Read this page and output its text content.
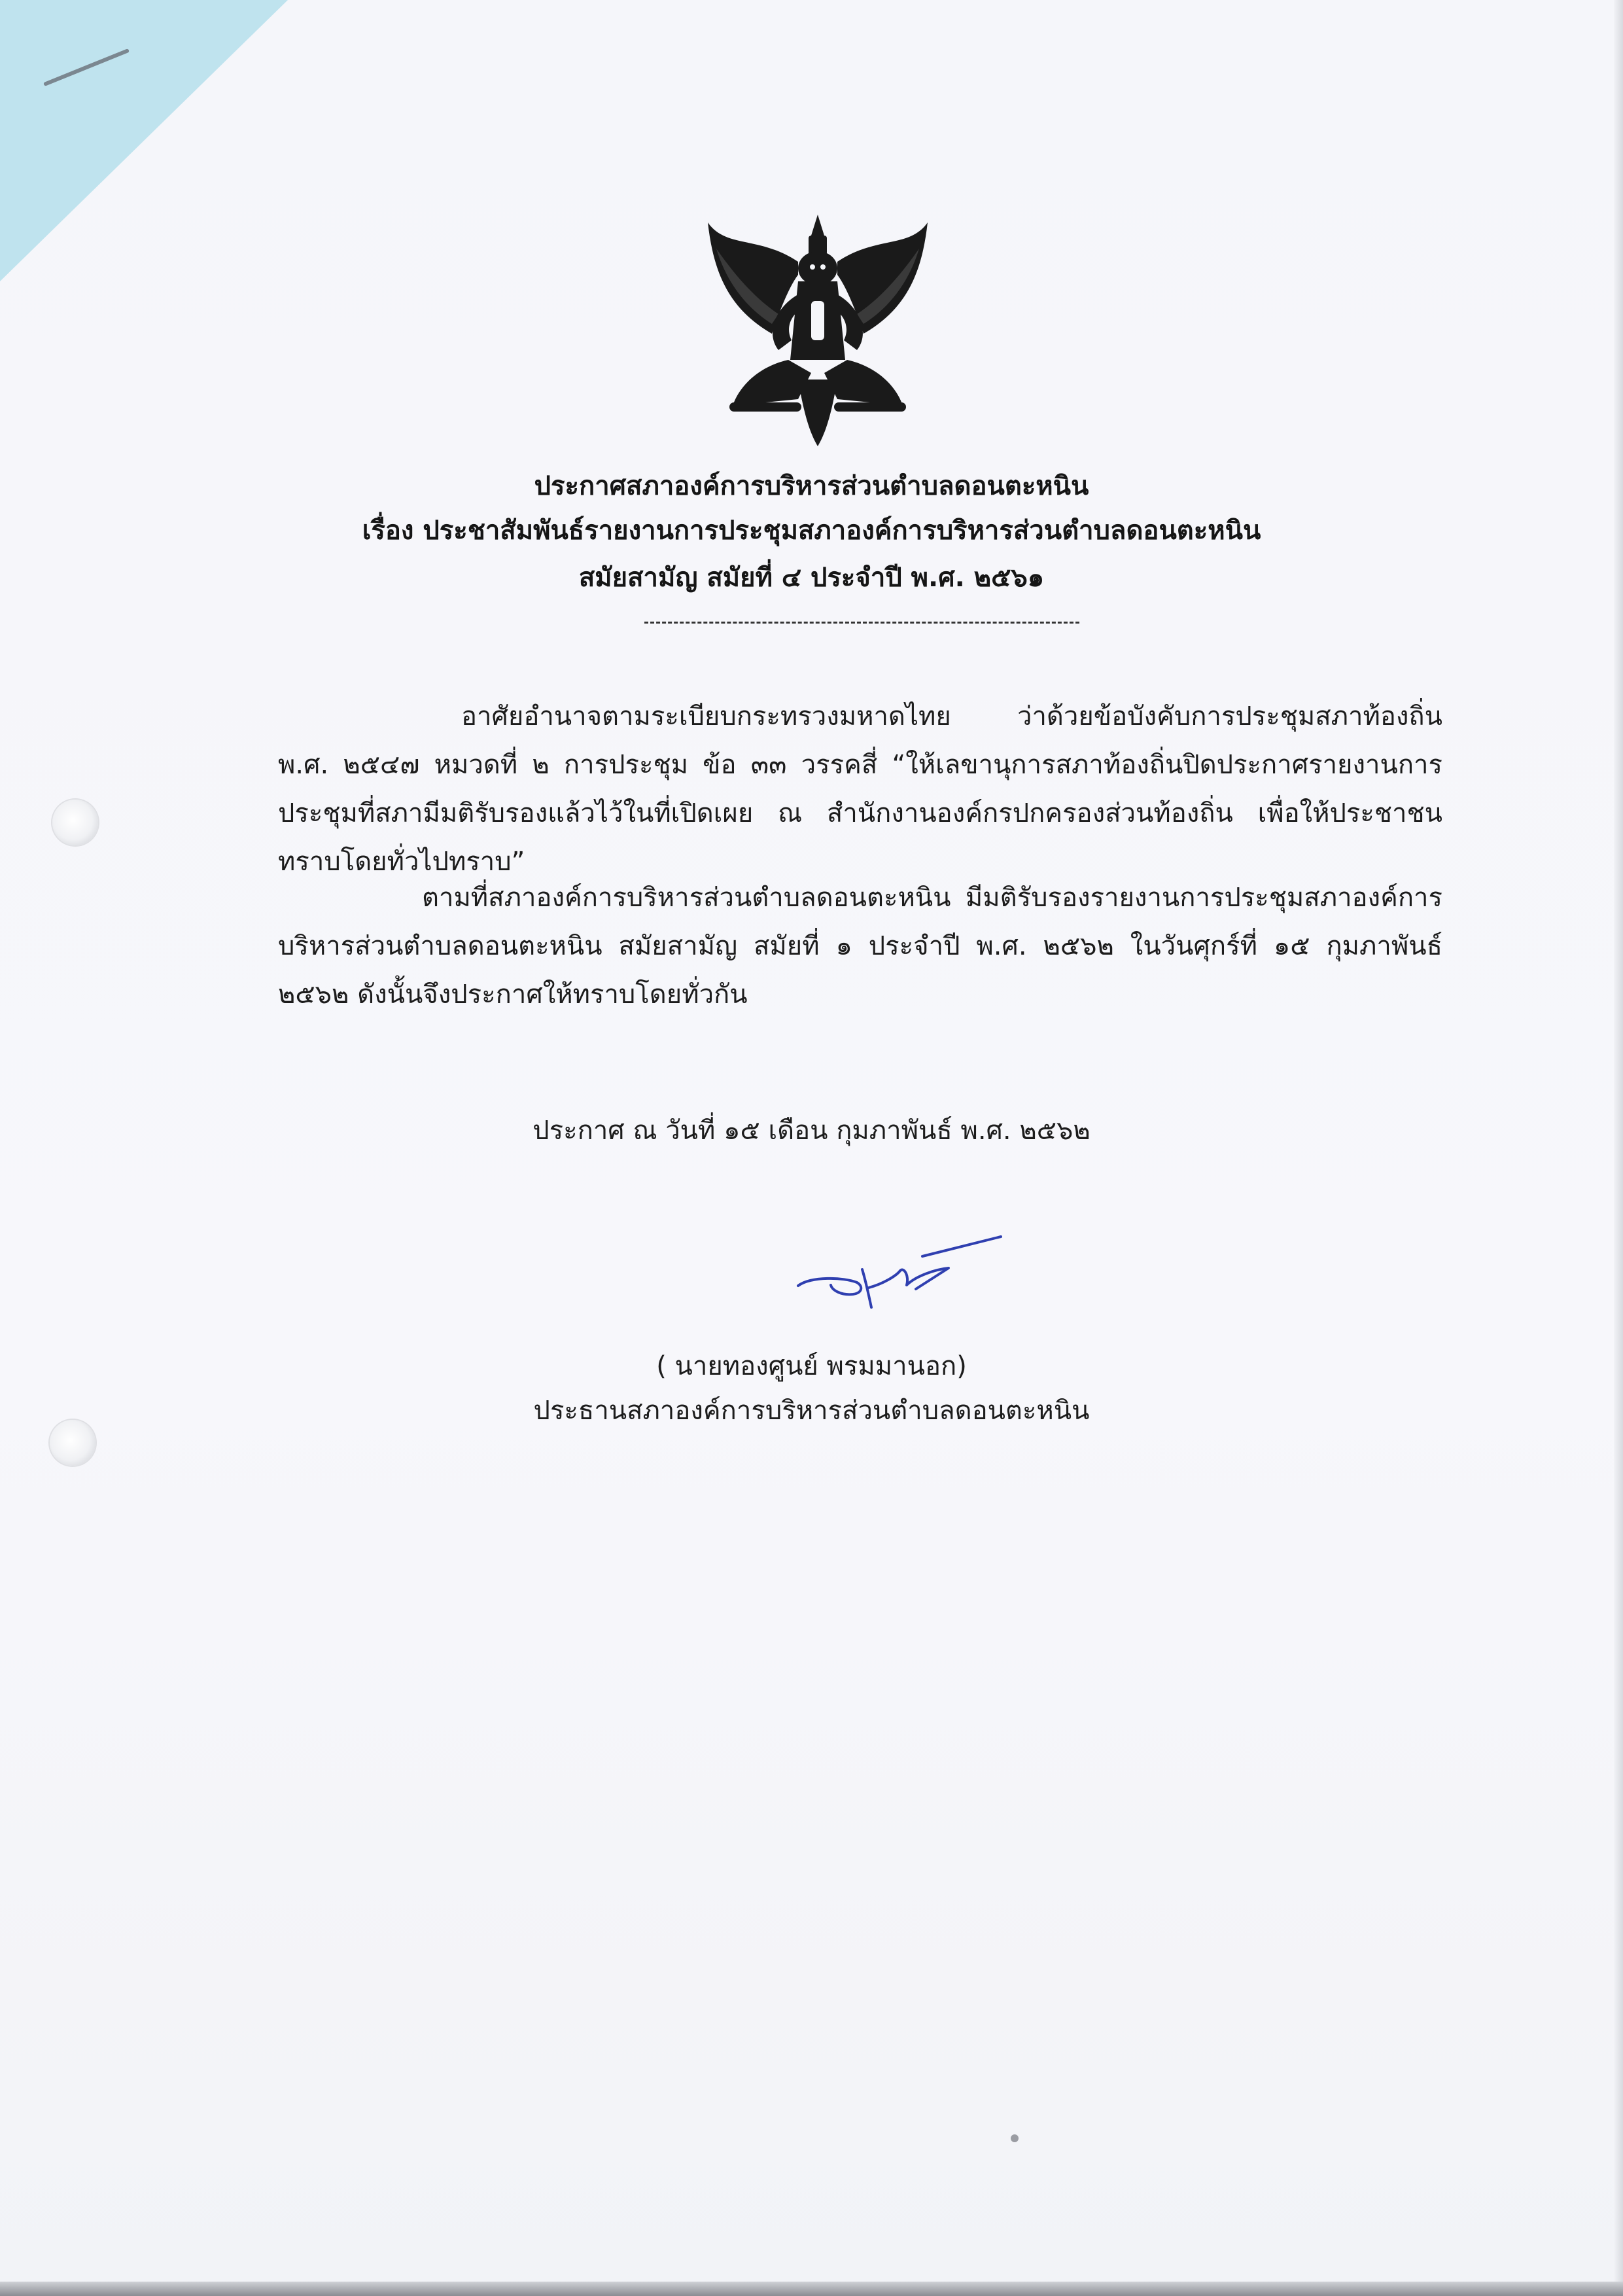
ประกาศสภาองค์การบริหารส่วนตำบลดอนตะหนิน
เรื่อง ประชาสัมพันธ์รายงานการประชุมสภาองค์การบริหารส่วนตำบลดอนตะหนิน
สมัยสามัญ สมัยที่ ๔ ประจำปี พ.ศ. ๒๕๖๑
อาศัยอำนาจตามระเบียบกระทรวงมหาดไทย ว่าด้วยข้อบังคับการประชุมสภาท้องถิ่น พ.ศ. ๒๕๔๗ หมวดที่ ๒ การประชุม ข้อ ๓๓ วรรคสี่ “ให้เลขานุการสภาท้องถิ่นปิดประกาศรายงานการประชุมที่สภามีมติรับรองแล้วไว้ในที่เปิดเผย ณ สำนักงานองค์กรปกครองส่วนท้องถิ่น เพื่อให้ประชาชนทราบโดยทั่วไปทราบ”
ตามที่สภาองค์การบริหารส่วนตำบลดอนตะหนิน มีมติรับรองรายงานการประชุมสภาองค์การบริหารส่วนตำบลดอนตะหนิน สมัยสามัญ สมัยที่ ๑ ประจำปี พ.ศ. ๒๕๖๒ ในวันศุกร์ที่ ๑๕ กุมภาพันธ์ ๒๕๖๒ ดังนั้นจึงประกาศให้ทราบโดยทั่วกัน
ประกาศ ณ วันที่ ๑๕ เดือน กุมภาพันธ์ พ.ศ. ๒๕๖๒
( นายทองศูนย์ พรมมานอก)
ประธานสภาองค์การบริหารส่วนตำบลดอนตะหนิน
